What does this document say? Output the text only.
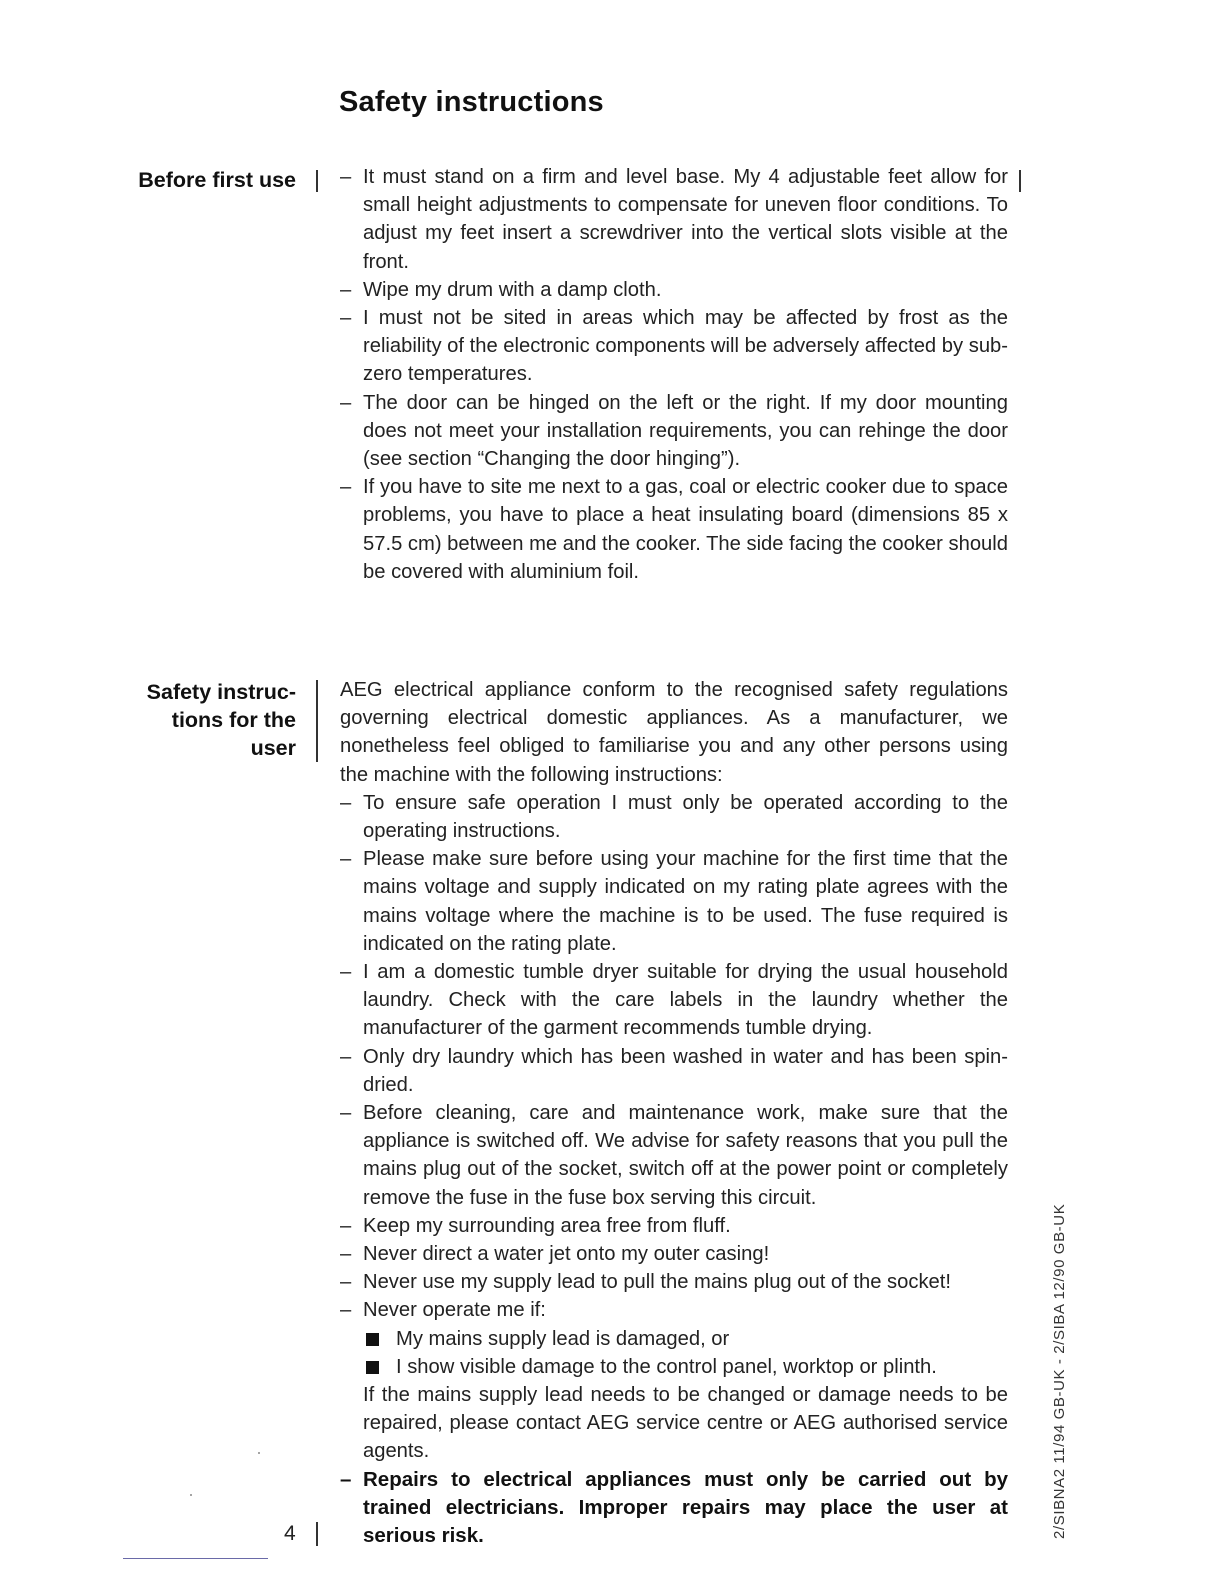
Safety instructions
Before first use
Safety instruc-
tions for the
user
– It must stand on a firm and level base. My 4 adjustable feet allow for small height adjustments to compensate for uneven floor conditions. To adjust my feet insert a screwdriver into the vertical slots visible at the front.
– Wipe my drum with a damp cloth.
– I must not be sited in areas which may be affected by frost as the reliability of the electronic components will be adversely affected by sub-zero temperatures.
– The door can be hinged on the left or the right. If my door mounting does not meet your installation requirements, you can rehinge the door (see section “Changing the door hinging”).
– If you have to site me next to a gas, coal or electric cooker due to space problems, you have to place a heat insulating board (dimensions 85 x 57.5 cm) between me and the cooker. The side facing the cooker should be covered with aluminium foil.

AEG electrical appliance conform to the recognised safety regulations governing electrical domestic appliances. As a manufacturer, we nonetheless feel obliged to familiarise you and any other persons using the machine with the following instructions:

– To ensure safe operation I must only be operated according to the operating instructions.
– Please make sure before using your machine for the first time that the mains voltage and supply indicated on my rating plate agrees with the mains voltage where the machine is to be used. The fuse required is indicated on the rating plate.
– I am a domestic tumble dryer suitable for drying the usual household laundry. Check with the care labels in the laundry whether the manufacturer of the garment recommends tumble drying.
– Only dry laundry which has been washed in water and has been spin-dried.
– Before cleaning, care and maintenance work, make sure that the appliance is switched off. We advise for safety reasons that you pull the mains plug out of the socket, switch off at the power point or completely remove the fuse in the fuse box serving this circuit.
– Keep my surrounding area free from fluff.
– Never direct a water jet onto my outer casing!
– Never use my supply lead to pull the mains plug out of the socket!
– Never operate me if:
My mains supply lead is damaged, or
I show visible damage to the control panel, worktop or plinth.
If the mains supply lead needs to be changed or damage needs to be repaired, please contact AEG service centre or AEG authorised service agents.
– Repairs to electrical appliances must only be carried out by trained electricians. Improper repairs may place the user at serious risk.
4	2/SIBNA2 11/94 GB-UK - 2/SIBA 12/90 GB-UK
